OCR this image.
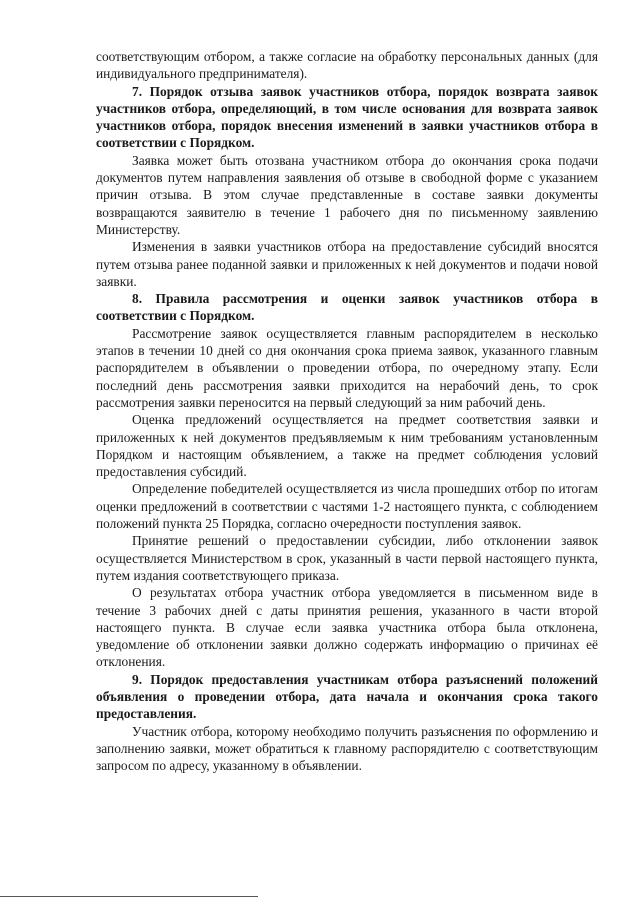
соответствующим отбором, а также согласие на обработку персональных данных (для индивидуального предпринимателя).

7. Порядок отзыва заявок участников отбора, порядок возврата заявок участников отбора, определяющий, в том числе основания для возврата заявок участников отбора, порядок внесения изменений в заявки участников отбора в соответствии с Порядком.

Заявка может быть отозвана участником отбора до окончания срока подачи документов путем направления заявления об отзыве в свободной форме с указанием причин отзыва. В этом случае представленные в составе заявки документы возвращаются заявителю в течение 1 рабочего дня по письменному заявлению Министерству.

Изменения в заявки участников отбора на предоставление субсидий вносятся путем отзыва ранее поданной заявки и приложенных к ней документов и подачи новой заявки.

8. Правила рассмотрения и оценки заявок участников отбора в соответствии с Порядком.

Рассмотрение заявок осуществляется главным распорядителем в несколько этапов в течении 10 дней со дня окончания срока приема заявок, указанного главным распорядителем в объявлении о проведении отбора, по очередному этапу. Если последний день рассмотрения заявки приходится на нерабочий день, то срок рассмотрения заявки переносится на первый следующий за ним рабочий день.

Оценка предложений осуществляется на предмет соответствия заявки и приложенных к ней документов предъявляемым к ним требованиям установленным Порядком и настоящим объявлением, а также на предмет соблюдения условий предоставления субсидий.

Определение победителей осуществляется из числа прошедших отбор по итогам оценки предложений в соответствии с частями 1-2 настоящего пункта, с соблюдением положений пункта 25 Порядка, согласно очередности поступления заявок.

Принятие решений о предоставлении субсидии, либо отклонении заявок осуществляется Министерством в срок, указанный в части первой настоящего пункта, путем издания соответствующего приказа.

О результатах отбора участник отбора уведомляется в письменном виде в течение 3 рабочих дней с даты принятия решения, указанного в части второй настоящего пункта. В случае если заявка участника отбора была отклонена, уведомление об отклонении заявки должно содержать информацию о причинах её отклонения.

9. Порядок предоставления участникам отбора разъяснений положений объявления о проведении отбора, дата начала и окончания срока такого предоставления.

Участник отбора, которому необходимо получить разъяснения по оформлению и заполнению заявки, может обратиться к главному распорядителю с соответствующим запросом по адресу, указанному в объявлении.
